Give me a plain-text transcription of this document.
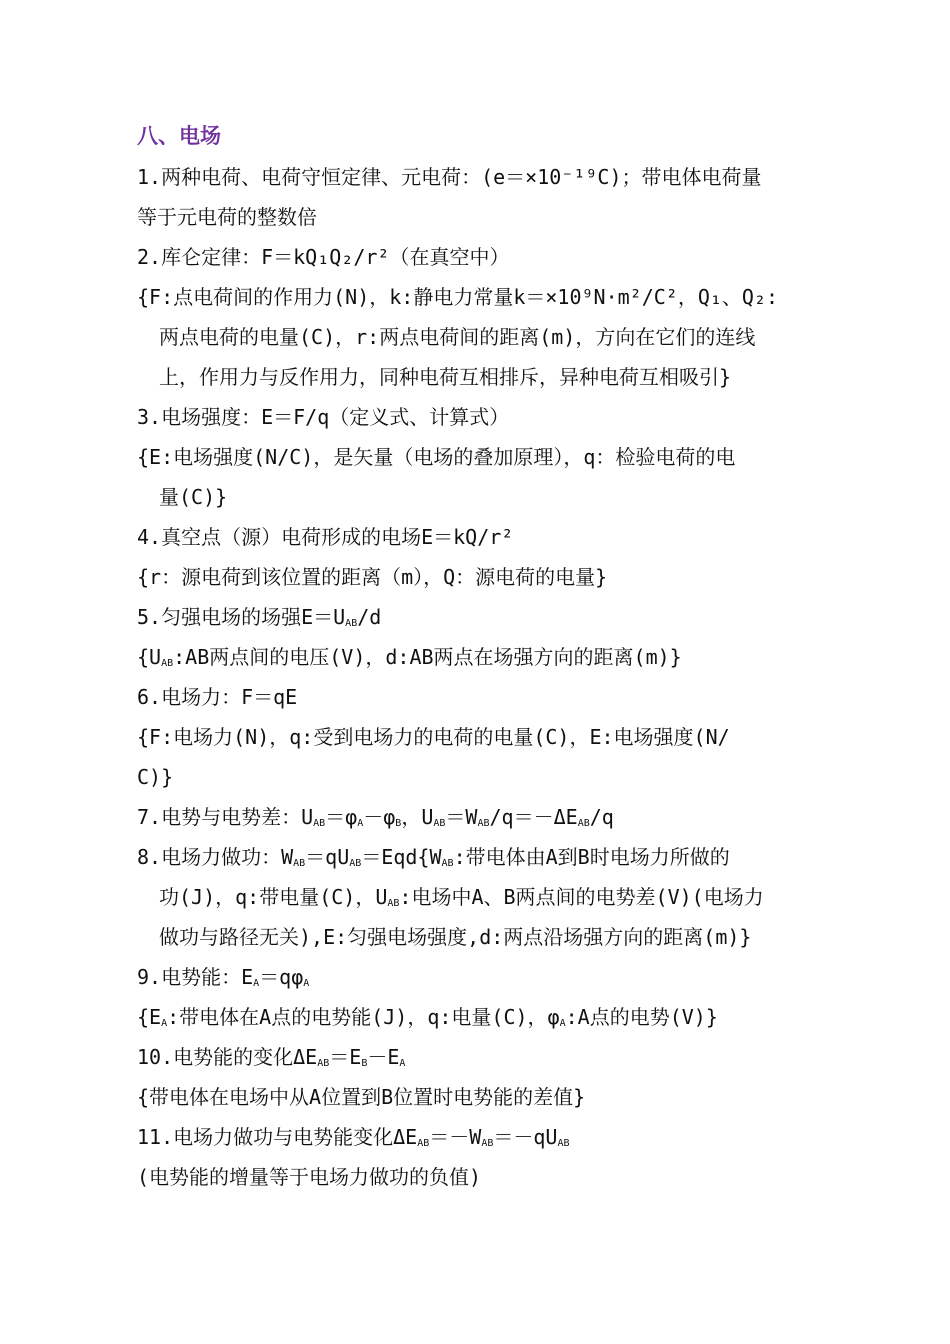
八、电场
1.两种电荷、电荷守恒定律、元电荷：(e＝×10⁻¹⁹C)；带电体电荷量
等于元电荷的整数倍
2.库仑定律：F＝kQ₁Q₂/r²（在真空中）
{F:点电荷间的作用力(N)，k:静电力常量k＝×10⁹N·m²/C²，Q₁、Q₂:
两点电荷的电量(C)，r:两点电荷间的距离(m)，方向在它们的连线
上，作用力与反作用力，同种电荷互相排斥，异种电荷互相吸引}
3.电场强度：E＝F/q（定义式、计算式）
{E:电场强度(N/C)，是矢量（电场的叠加原理），q：检验电荷的电
量(C)}
4.真空点（源）电荷形成的电场E＝kQ/r²
{r：源电荷到该位置的距离（m），Q：源电荷的电量}
5.匀强电场的场强$E=U_{AB}/d$
{$U_{AB}:AB$两点间的电压(V)，d:AB两点在场强方向的距离(m)}
6.电场力：F＝qE
{F:电场力(N)，q:受到电场力的电荷的电量(C)，E:电场强度(N/
C)}
7.电势与电势差：$U_{AB}=\varphi_A-\varphi_B$，$U_{AB}=W_{AB}/q=-\Delta E_{AB}/q$
8.电场力做功：$W_{AB}=qU_{AB}=Eqd\{W_{AB}$:带电体由A到B时电场力所做的
功(J)，q:带电量(C)，$U_{AB}$:电场中A、B两点间的电势差(V)(电场力
做功与路径无关),E:匀强电场强度,d:两点沿场强方向的距离(m)}
9.电势能：$E_A=q\varphi_A$
{$E_A$:带电体在A点的电势能(J)，q:电量(C)，$\varphi_A:A$点的电势(V)}
10.电势能的变化$\Delta E_{AB}=E_B-E_A$
{带电体在电场中从A位置到B位置时电势能的差值}
11.电场力做功与电势能变化$\Delta E_{AB}=-W_{AB}=-qU_{AB}$
(电势能的增量等于电场力做功的负值)
